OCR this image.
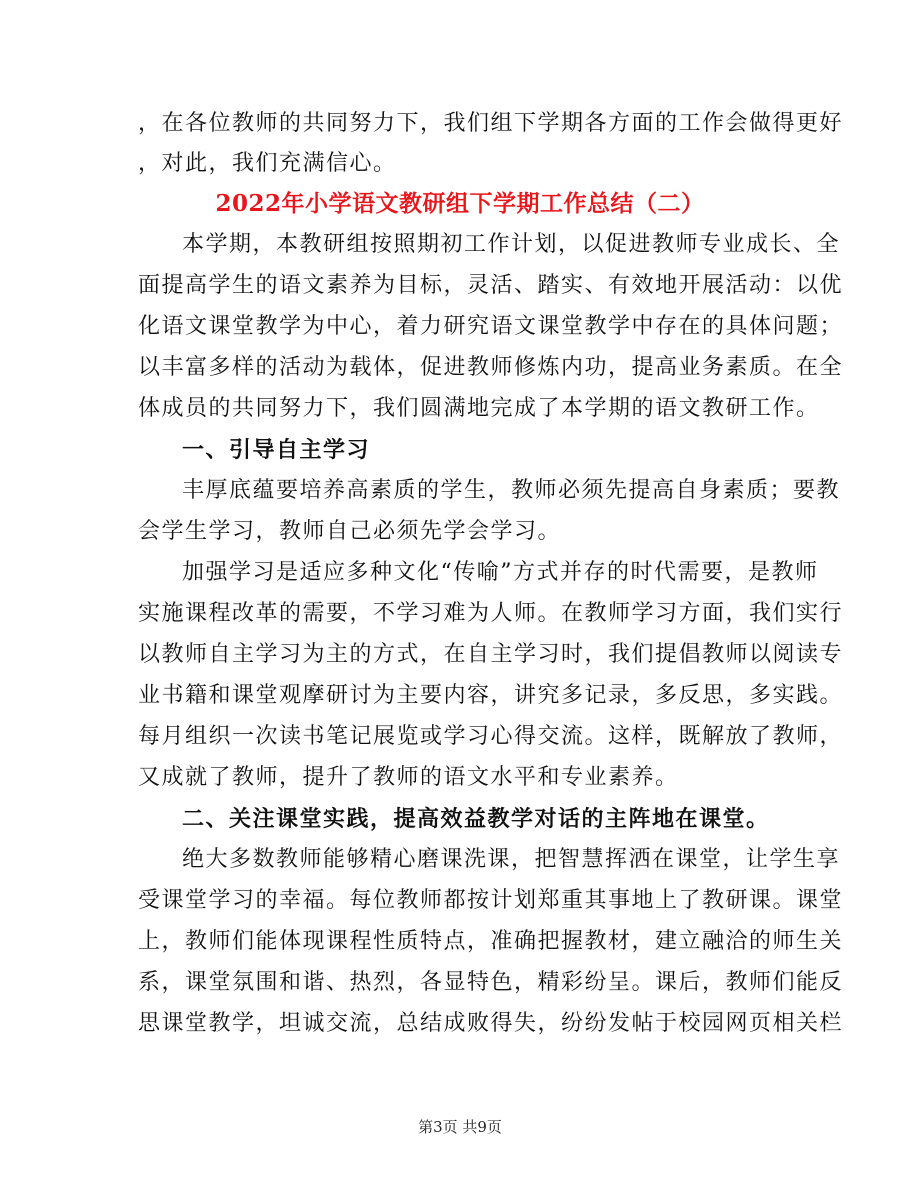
，在各位教师的共同努力下，我们组下学期各方面的工作会做得更好
，对此，我们充满信心。
2022年小学语文教研组下学期工作总结（二）
本学期，本教研组按照期初工作计划，以促进教师专业成长、全
面提高学生的语文素养为目标，灵活、踏实、有效地开展活动：以优
化语文课堂教学为中心，着力研究语文课堂教学中存在的具体问题；
以丰富多样的活动为载体，促进教师修炼内功，提高业务素质。在全
体成员的共同努力下，我们圆满地完成了本学期的语文教研工作。
一、引导自主学习
丰厚底蕴要培养高素质的学生，教师必须先提高自身素质；要教
会学生学习，教师自己必须先学会学习。
加强学习是适应多种文化“传喻”方式并存的时代需要，是教师
实施课程改革的需要，不学习难为人师。在教师学习方面，我们实行
以教师自主学习为主的方式，在自主学习时，我们提倡教师以阅读专
业书籍和课堂观摩研讨为主要内容，讲究多记录，多反思，多实践。
每月组织一次读书笔记展览或学习心得交流。这样，既解放了教师，
又成就了教师，提升了教师的语文水平和专业素养。
二、关注课堂实践，提高效益教学对话的主阵地在课堂。
绝大多数教师能够精心磨课洗课，把智慧挥洒在课堂，让学生享
受课堂学习的幸福。每位教师都按计划郑重其事地上了教研课。课堂
上，教师们能体现课程性质特点，准确把握教材，建立融洽的师生关
系，课堂氛围和谐、热烈，各显特色，精彩纷呈。课后，教师们能反
思课堂教学，坦诚交流，总结成败得失，纷纷发帖于校园网页相关栏
第3页 共9页
